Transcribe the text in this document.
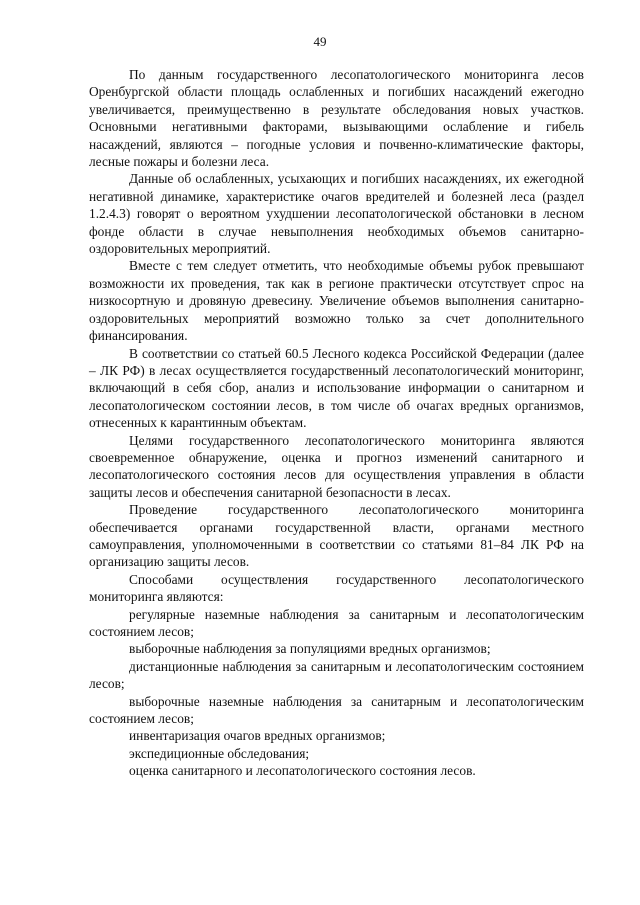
49

По данным государственного лесопатологического мониторинга лесов Оренбургской области площадь ослабленных и погибших насаждений ежегодно увеличивается, преимущественно в результате обследования новых участков. Основными негативными факторами, вызывающими ослабление и гибель насаждений, являются – погодные условия и почвенно-климатические факторы, лесные пожары и болезни леса.

Данные об ослабленных, усыхающих и погибших насаждениях, их ежегодной негативной динамике, характеристике очагов вредителей и болезней леса (раздел 1.2.4.3) говорят о вероятном ухудшении лесопатологической обстановки в лесном фонде области в случае невыполнения необходимых объемов санитарно-оздоровительных мероприятий.

Вместе с тем следует отметить, что необходимые объемы рубок превышают возможности их проведения, так как в регионе практически отсутствует спрос на низкосортную и дровяную древесину. Увеличение объемов выполнения санитарно-оздоровительных мероприятий возможно только за счет дополнительного финансирования.

В соответствии со статьей 60.5 Лесного кодекса Российской Федерации (далее – ЛК РФ) в лесах осуществляется государственный лесопатологический мониторинг, включающий в себя сбор, анализ и использование информации о санитарном и лесопатологическом состоянии лесов, в том числе об очагах вредных организмов, отнесенных к карантинным объектам.

Целями государственного лесопатологического мониторинга являются своевременное обнаружение, оценка и прогноз изменений санитарного и лесопатологического состояния лесов для осуществления управления в области защиты лесов и обеспечения санитарной безопасности в лесах.

Проведение государственного лесопатологического мониторинга обеспечивается органами государственной власти, органами местного самоуправления, уполномоченными в соответствии со статьями 81–84 ЛК РФ на организацию защиты лесов.

Способами осуществления государственного лесопатологического мониторинга являются:

регулярные наземные наблюдения за санитарным и лесопатологическим состоянием лесов;

выборочные наблюдения за популяциями вредных организмов;

дистанционные наблюдения за санитарным и лесопатологическим состоянием лесов;

выборочные наземные наблюдения за санитарным и лесопатологическим состоянием лесов;

инвентаризация очагов вредных организмов;

экспедиционные обследования;

оценка санитарного и лесопатологического состояния лесов.
